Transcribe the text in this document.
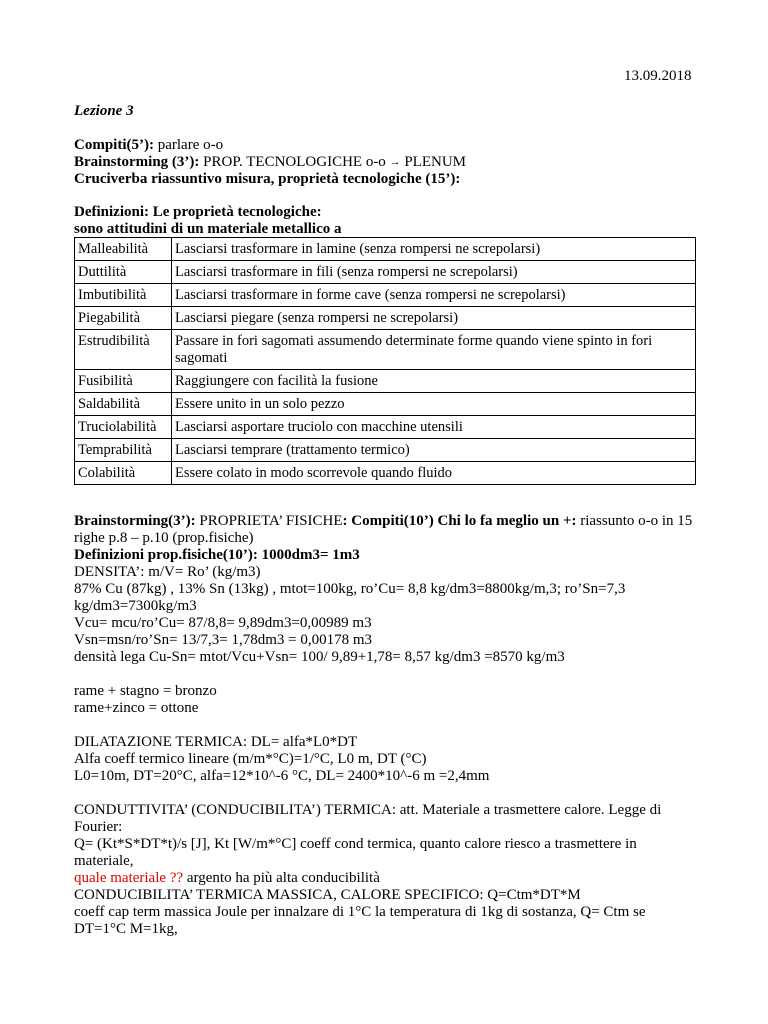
13.09.2018
Lezione 3
Compiti(5’): parlare o-o
Brainstorming (3’): PROP. TECNOLOGICHE o-o → PLENUM
Cruciverba riassuntivo misura, proprietà tecnologiche (15’):
Definizioni: Le proprietà tecnologiche:
sono attitudini di un materiale metallico a
Malleabilità	Lasciarsi trasformare in lamine (senza rompersi ne screpolarsi)
Duttilità	Lasciarsi trasformare in fili (senza rompersi ne screpolarsi)
Imbutibilità	Lasciarsi trasformare in forme cave (senza rompersi ne screpolarsi)
Piegabilità	Lasciarsi piegare (senza rompersi ne screpolarsi)
Estrudibilità	Passare in fori sagomati assumendo determinate forme quando viene spinto in fori sagomati
Fusibilità	Raggiungere con facilità la fusione
Saldabilità	Essere unito in un solo pezzo
Truciolabilità	Lasciarsi asportare truciolo con macchine utensili
Temprabilità	Lasciarsi temprare (trattamento termico)
Colabilità	Essere colato in modo scorrevole quando fluido
Brainstorming(3’): PROPRIETA’ FISICHE: Compiti(10’) Chi lo fa meglio un +: riassunto o-o in 15 righe p.8 – p.10 (prop.fisiche)
Definizioni prop.fisiche(10’): 1000dm3= 1m3
DENSITA’: m/V= Ro’ (kg/m3)
87% Cu (87kg) , 13% Sn (13kg) , mtot=100kg, ro’Cu= 8,8 kg/dm3=8800kg/m,3; ro’Sn=7,3 kg/dm3=7300kg/m3
Vcu= mcu/ro’Cu= 87/8,8= 9,89dm3=0,00989 m3
Vsn=msn/ro’Sn= 13/7,3= 1,78dm3 = 0,00178 m3
densità lega Cu-Sn= mtot/Vcu+Vsn= 100/ 9,89+1,78= 8,57 kg/dm3 =8570 kg/m3
rame + stagno = bronzo
rame+zinco = ottone
DILATAZIONE TERMICA: DL= alfa*L0*DT
Alfa coeff termico lineare (m/m*°C)=1/°C, L0 m, DT (°C)
L0=10m, DT=20°C, alfa=12*10^-6 °C, DL= 2400*10^-6 m =2,4mm
CONDUTTIVITA’ (CONDUCIBILITA’) TERMICA: att. Materiale a trasmettere calore. Legge di Fourier:
Q= (Kt*S*DT*t)/s [J], Kt [W/m*°C] coeff cond termica, quanto calore riesco a trasmettere in materiale,
quale materiale ?? argento ha più alta conducibilità
CONDUCIBILITA’ TERMICA MASSICA, CALORE SPECIFICO: Q=Ctm*DT*M
coeff cap term massica Joule per innalzare di 1°C la temperatura di 1kg di sostanza, Q= Ctm se DT=1°C M=1kg,
